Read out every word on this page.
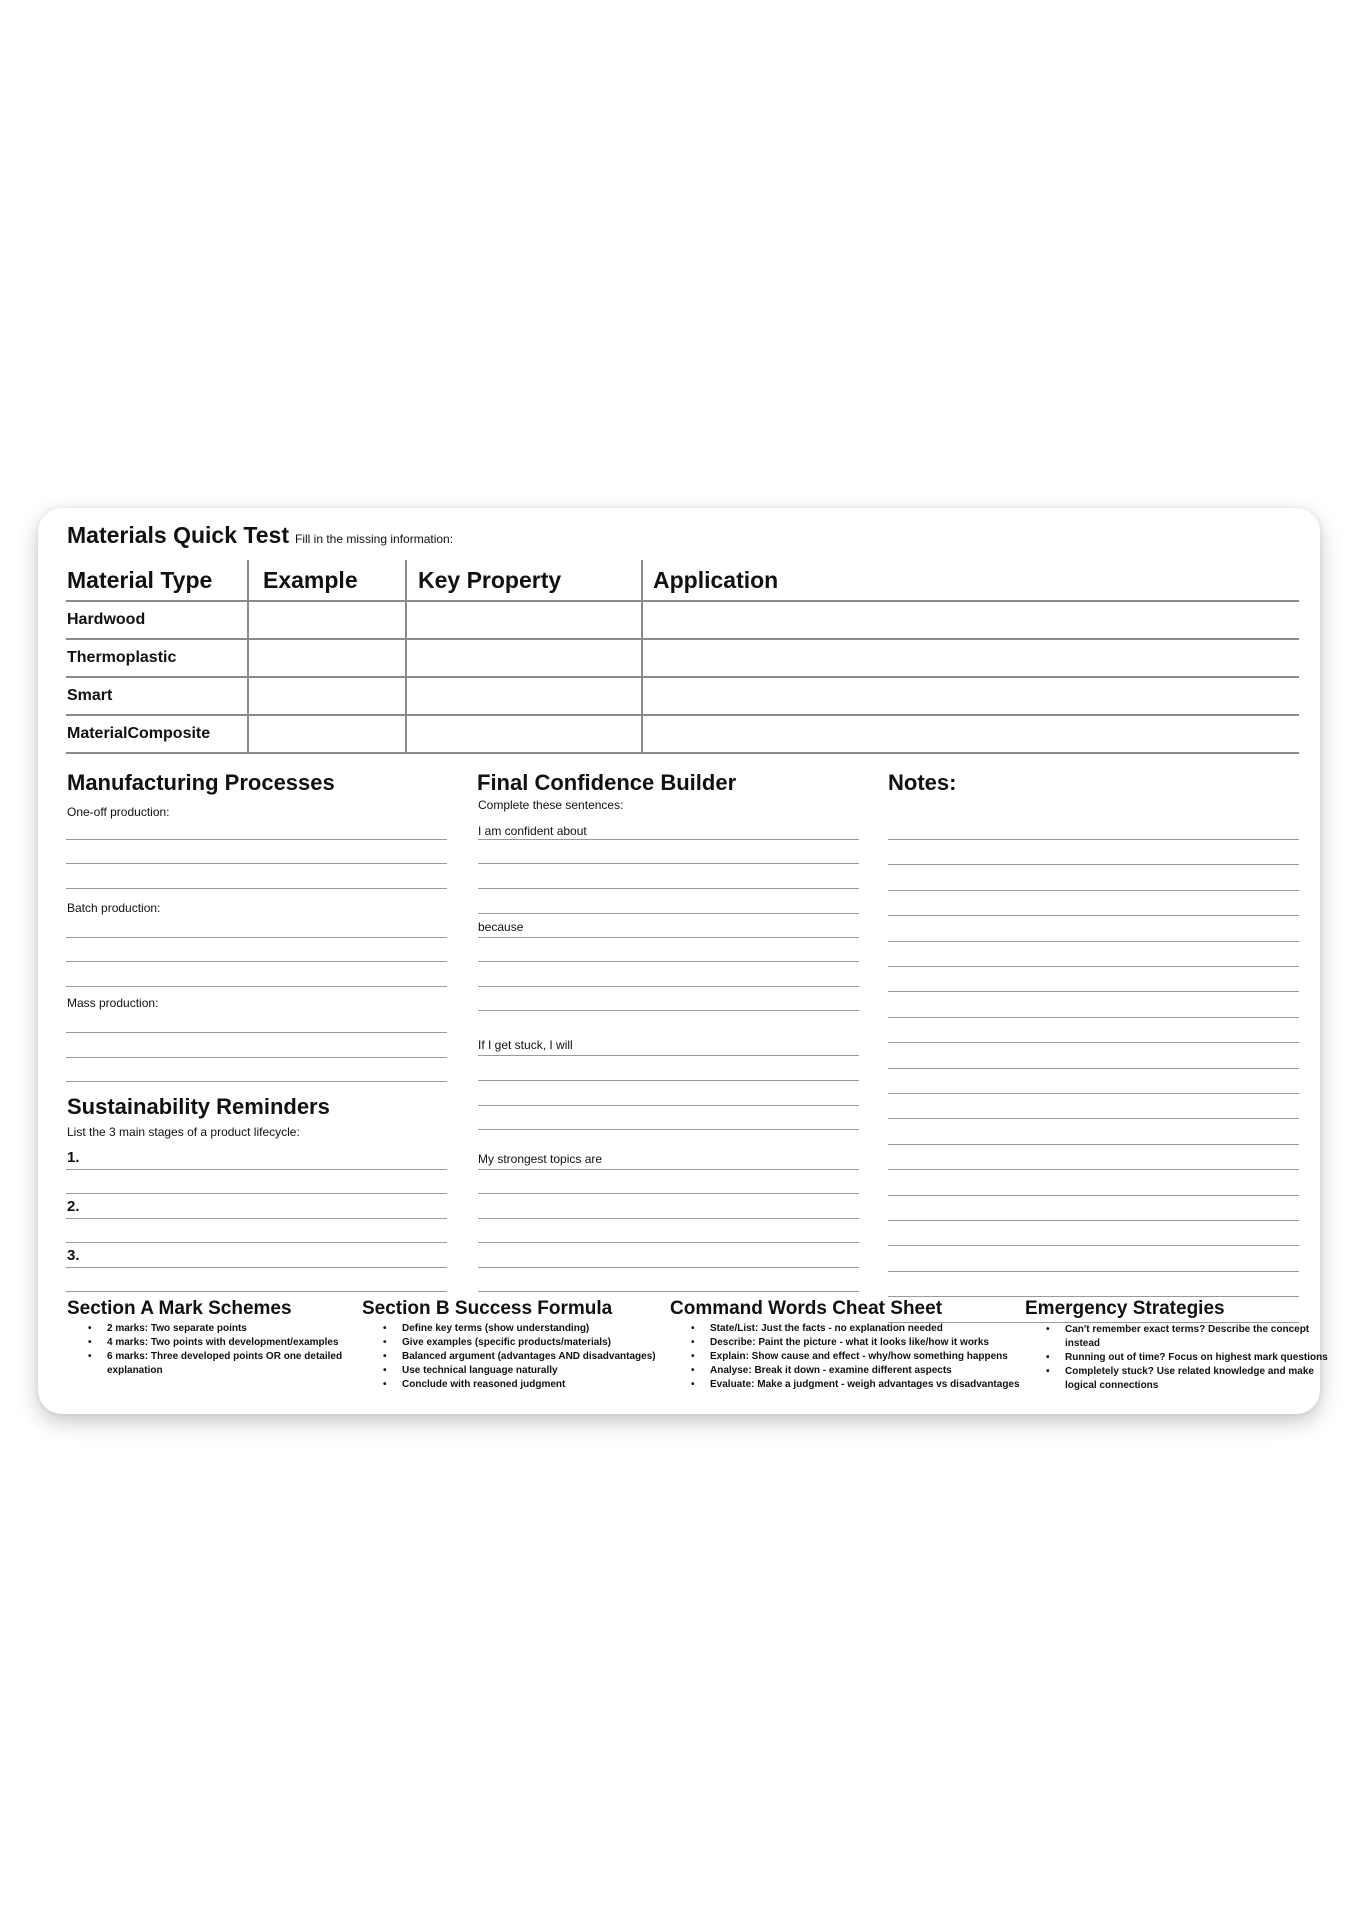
Materials Quick Test Fill in the missing information:
Material Type Example	Key Property	Application
Hardwood
Thermoplastic
Smart
MaterialComposite
Manufacturing Processes
One-off production:
Batch production:
Mass production:
Sustainability Reminders
List the 3 main stages of a product lifecycle:
1.
2.
3.
Final Confidence Builder
Complete these sentences:
I am confident about
because
If I get stuck, I will
My strongest topics are
Notes:
Section A Mark Schemes
• 2 marks: Two separate points
• 4 marks: Two points with development/examples
• 6 marks: Three developed points OR one detailed explanation
Section B Success Formula
• Define key terms (show understanding)
• Give examples (specific products/materials)
• Balanced argument (advantages AND disadvantages)
• Use technical language naturally
• Conclude with reasoned judgment
Command Words Cheat Sheet
• State/List: Just the facts - no explanation needed
• Describe: Paint the picture - what it looks like/how it works
• Explain: Show cause and effect - why/how something happens
• Analyse: Break it down - examine different aspects
• Evaluate: Make a judgment - weigh advantages vs disadvantages
Emergency Strategies
• Can't remember exact terms? Describe the concept instead
• Running out of time? Focus on highest mark questions
• Completely stuck? Use related knowledge and make logical connections
